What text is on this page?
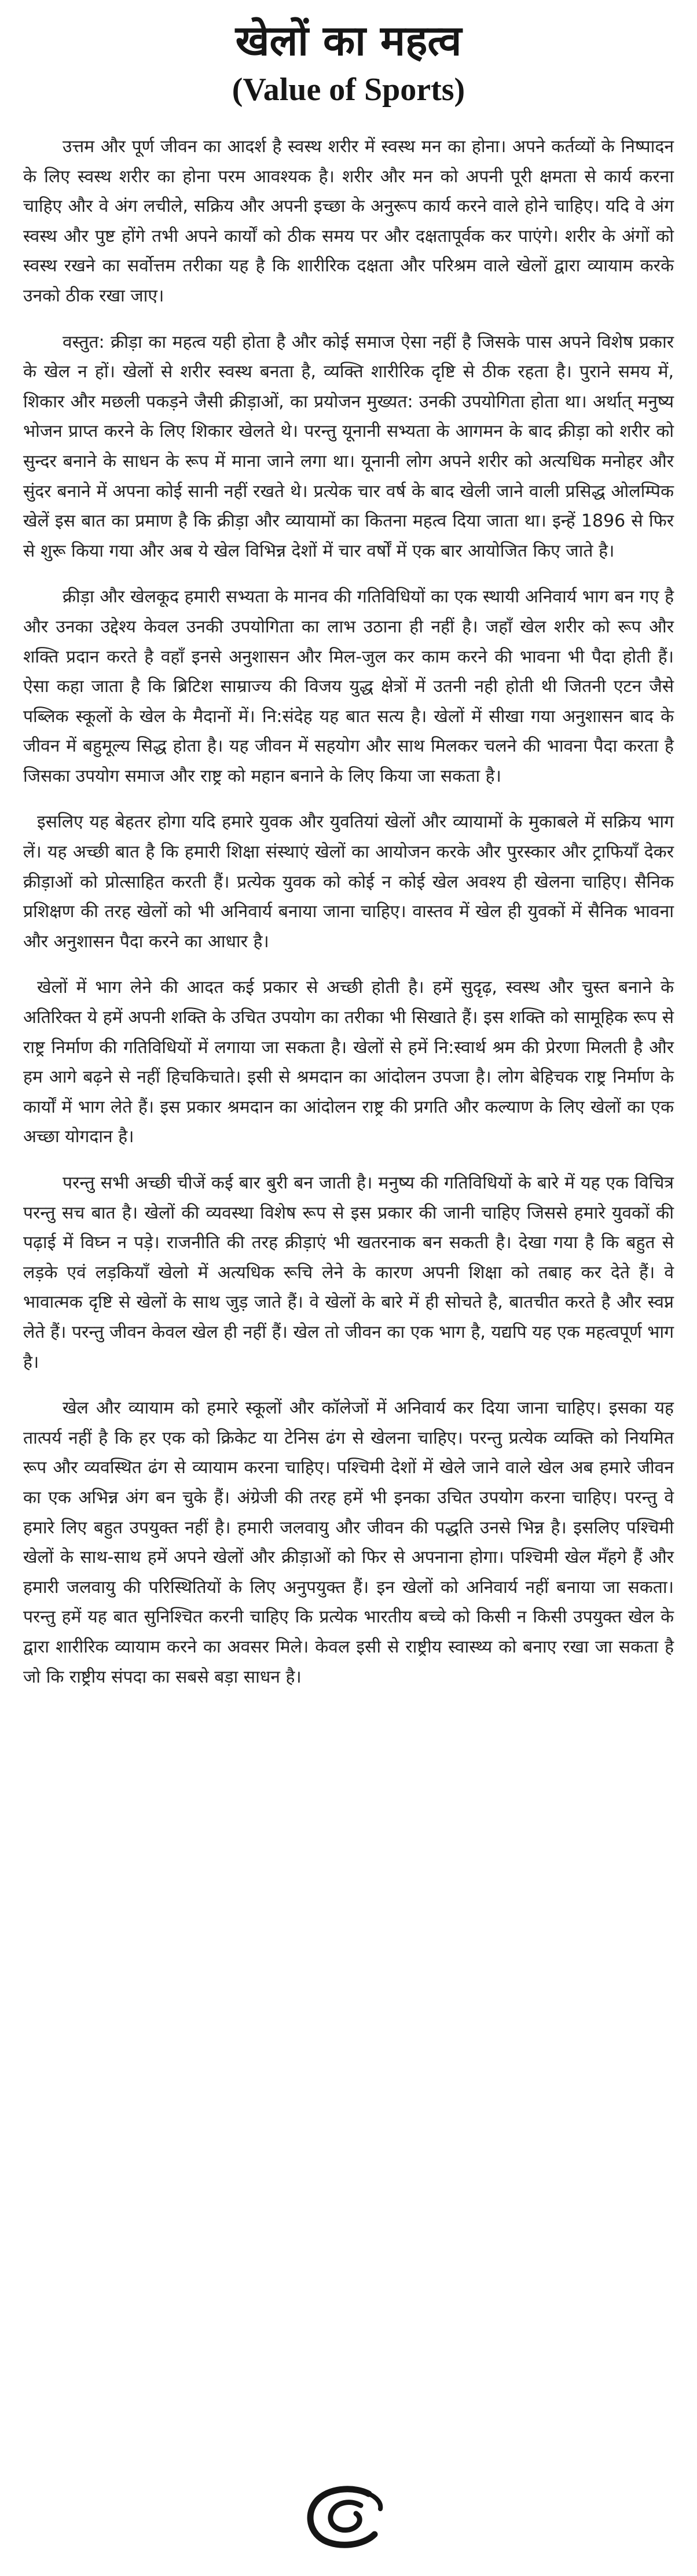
खेलों का महत्व
(Value of Sports)

उत्तम और पूर्ण जीवन का आदर्श है स्वस्थ शरीर में स्वस्थ मन का होना। अपने कर्तव्यों के निष्पादन के लिए स्वस्थ शरीर का होना परम आवश्यक है। शरीर और मन को अपनी पूरी क्षमता से कार्य करना चाहिए और वे अंग लचीले, सक्रिय और अपनी इच्छा के अनुरूप कार्य करने वाले होने चाहिए। यदि वे अंग स्वस्थ और पुष्ट होंगे तभी अपने कार्यों को ठीक समय पर और दक्षतापूर्वक कर पाएंगे। शरीर के अंगों को स्वस्थ रखने का सर्वोत्तम तरीका यह है कि शारीरिक दक्षता और परिश्रम वाले खेलों द्वारा व्यायाम करके उनको ठीक रखा जाए।

वस्तुत: क्रीड़ा का महत्व यही होता है और कोई समाज ऐसा नहीं है जिसके पास अपने विशेष प्रकार के खेल न हों। खेलों से शरीर स्वस्थ बनता है, व्यक्ति शारीरिक दृष्टि से ठीक रहता है। पुराने समय में, शिकार और मछली पकड़ने जैसी क्रीड़ाओं, का प्रयोजन मुख्यत: उनकी उपयोगिता होता था। अर्थात् मनुष्य भोजन प्राप्त करने के लिए शिकार खेलते थे। परन्तु यूनानी सभ्यता के आगमन के बाद क्रीड़ा को शरीर को सुन्दर बनाने के साधन के रूप में माना जाने लगा था। यूनानी लोग अपने शरीर को अत्यधिक मनोहर और सुंदर बनाने में अपना कोई सानी नहीं रखते थे। प्रत्येक चार वर्ष के बाद खेली जाने वाली प्रसिद्ध ओलम्पिक खेलें इस बात का प्रमाण है कि क्रीड़ा और व्यायामों का कितना महत्व दिया जाता था। इन्हें 1896 से फिर से शुरू किया गया और अब ये खेल विभिन्न देशों में चार वर्षों में एक बार आयोजित किए जाते है।

क्रीड़ा और खेलकूद हमारी सभ्यता के मानव की गतिविधियों का एक स्थायी अनिवार्य भाग बन गए है और उनका उद्देश्य केवल उनकी उपयोगिता का लाभ उठाना ही नहीं है। जहाँ खेल शरीर को रूप और शक्ति प्रदान करते है वहाँ इनसे अनुशासन और मिल-जुल कर काम करने की भावना भी पैदा होती हैं। ऐसा कहा जाता है कि ब्रिटिश साम्राज्य की विजय युद्ध क्षेत्रों में उतनी नही होती थी जितनी एटन जैसे पब्लिक स्कूलों के खेल के मैदानों में। नि:संदेह यह बात सत्य है। खेलों में सीखा गया अनुशासन बाद के जीवन में बहुमूल्य सिद्ध होता है। यह जीवन में सहयोग और साथ मिलकर चलने की भावना पैदा करता है जिसका उपयोग समाज और राष्ट्र को महान बनाने के लिए किया जा सकता है।

इसलिए यह बेहतर होगा यदि हमारे युवक और युवतियां खेलों और व्यायामों के मुकाबले में सक्रिय भाग लें। यह अच्छी बात है कि हमारी शिक्षा संस्थाएं खेलों का आयोजन करके और पुरस्कार और ट्राफियाँ देकर क्रीड़ाओं को प्रोत्साहित करती हैं। प्रत्येक युवक को कोई न कोई खेल अवश्य ही खेलना चाहिए। सैनिक प्रशिक्षण की तरह खेलों को भी अनिवार्य बनाया जाना चाहिए। वास्तव में खेल ही युवकों में सैनिक भावना और अनुशासन पैदा करने का आधार है।

खेलों में भाग लेने की आदत कई प्रकार से अच्छी होती है। हमें सुदृढ़, स्वस्थ और चुस्त बनाने के अतिरिक्त ये हमें अपनी शक्ति के उचित उपयोग का तरीका भी सिखाते हैं। इस शक्ति को सामूहिक रूप से राष्ट्र निर्माण की गतिविधियों में लगाया जा सकता है। खेलों से हमें नि:स्वार्थ श्रम की प्रेरणा मिलती है और हम आगे बढ़ने से नहीं हिचकिचाते। इसी से श्रमदान का आंदोलन उपजा है। लोग बेहिचक राष्ट्र निर्माण के कार्यों में भाग लेते हैं। इस प्रकार श्रमदान का आंदोलन राष्ट्र की प्रगति और कल्याण के लिए खेलों का एक अच्छा योगदान है।

परन्तु सभी अच्छी चीजें कई बार बुरी बन जाती है। मनुष्य की गतिविधियों के बारे में यह एक विचित्र परन्तु सच बात है। खेलों की व्यवस्था विशेष रूप से इस प्रकार की जानी चाहिए जिससे हमारे युवकों की पढ़ाई में विघ्न न पड़े। राजनीति की तरह क्रीड़ाएं भी खतरनाक बन सकती है। देखा गया है कि बहुत से लड़के एवं लड़कियाँ खेलो में अत्यधिक रूचि लेने के कारण अपनी शिक्षा को तबाह कर देते हैं। वे भावात्मक दृष्टि से खेलों के साथ जुड़ जाते हैं। वे खेलों के बारे में ही सोचते है, बातचीत करते है और स्वप्न लेते हैं। परन्तु जीवन केवल खेल ही नहीं हैं। खेल तो जीवन का एक भाग है, यद्यपि यह एक महत्वपूर्ण भाग है।

खेल और व्यायाम को हमारे स्कूलों और कॉलेजों में अनिवार्य कर दिया जाना चाहिए। इसका यह तात्पर्य नहीं है कि हर एक को क्रिकेट या टेनिस ढंग से खेलना चाहिए। परन्तु प्रत्येक व्यक्ति को नियमित रूप और व्यवस्थित ढंग से व्यायाम करना चाहिए। पश्चिमी देशों में खेले जाने वाले खेल अब हमारे जीवन का एक अभिन्न अंग बन चुके हैं। अंग्रेजी की तरह हमें भी इनका उचित उपयोग करना चाहिए। परन्तु वे हमारे लिए बहुत उपयुक्त नहीं है। हमारी जलवायु और जीवन की पद्धति उनसे भिन्न है। इसलिए पश्चिमी खेलों के साथ-साथ हमें अपने खेलों और क्रीड़ाओं को फिर से अपनाना होगा। पश्चिमी खेल मँहगे हैं और हमारी जलवायु की परिस्थितियों के लिए अनुपयुक्त हैं। इन खेलों को अनिवार्य नहीं बनाया जा सकता। परन्तु हमें यह बात सुनिश्चित करनी चाहिए कि प्रत्येक भारतीय बच्चे को किसी न किसी उपयुक्त खेल के द्वारा शारीरिक व्यायाम करने का अवसर मिले। केवल इसी से राष्ट्रीय स्वास्थ्य को बनाए रखा जा सकता है जो कि राष्ट्रीय संपदा का सबसे बड़ा साधन है।
